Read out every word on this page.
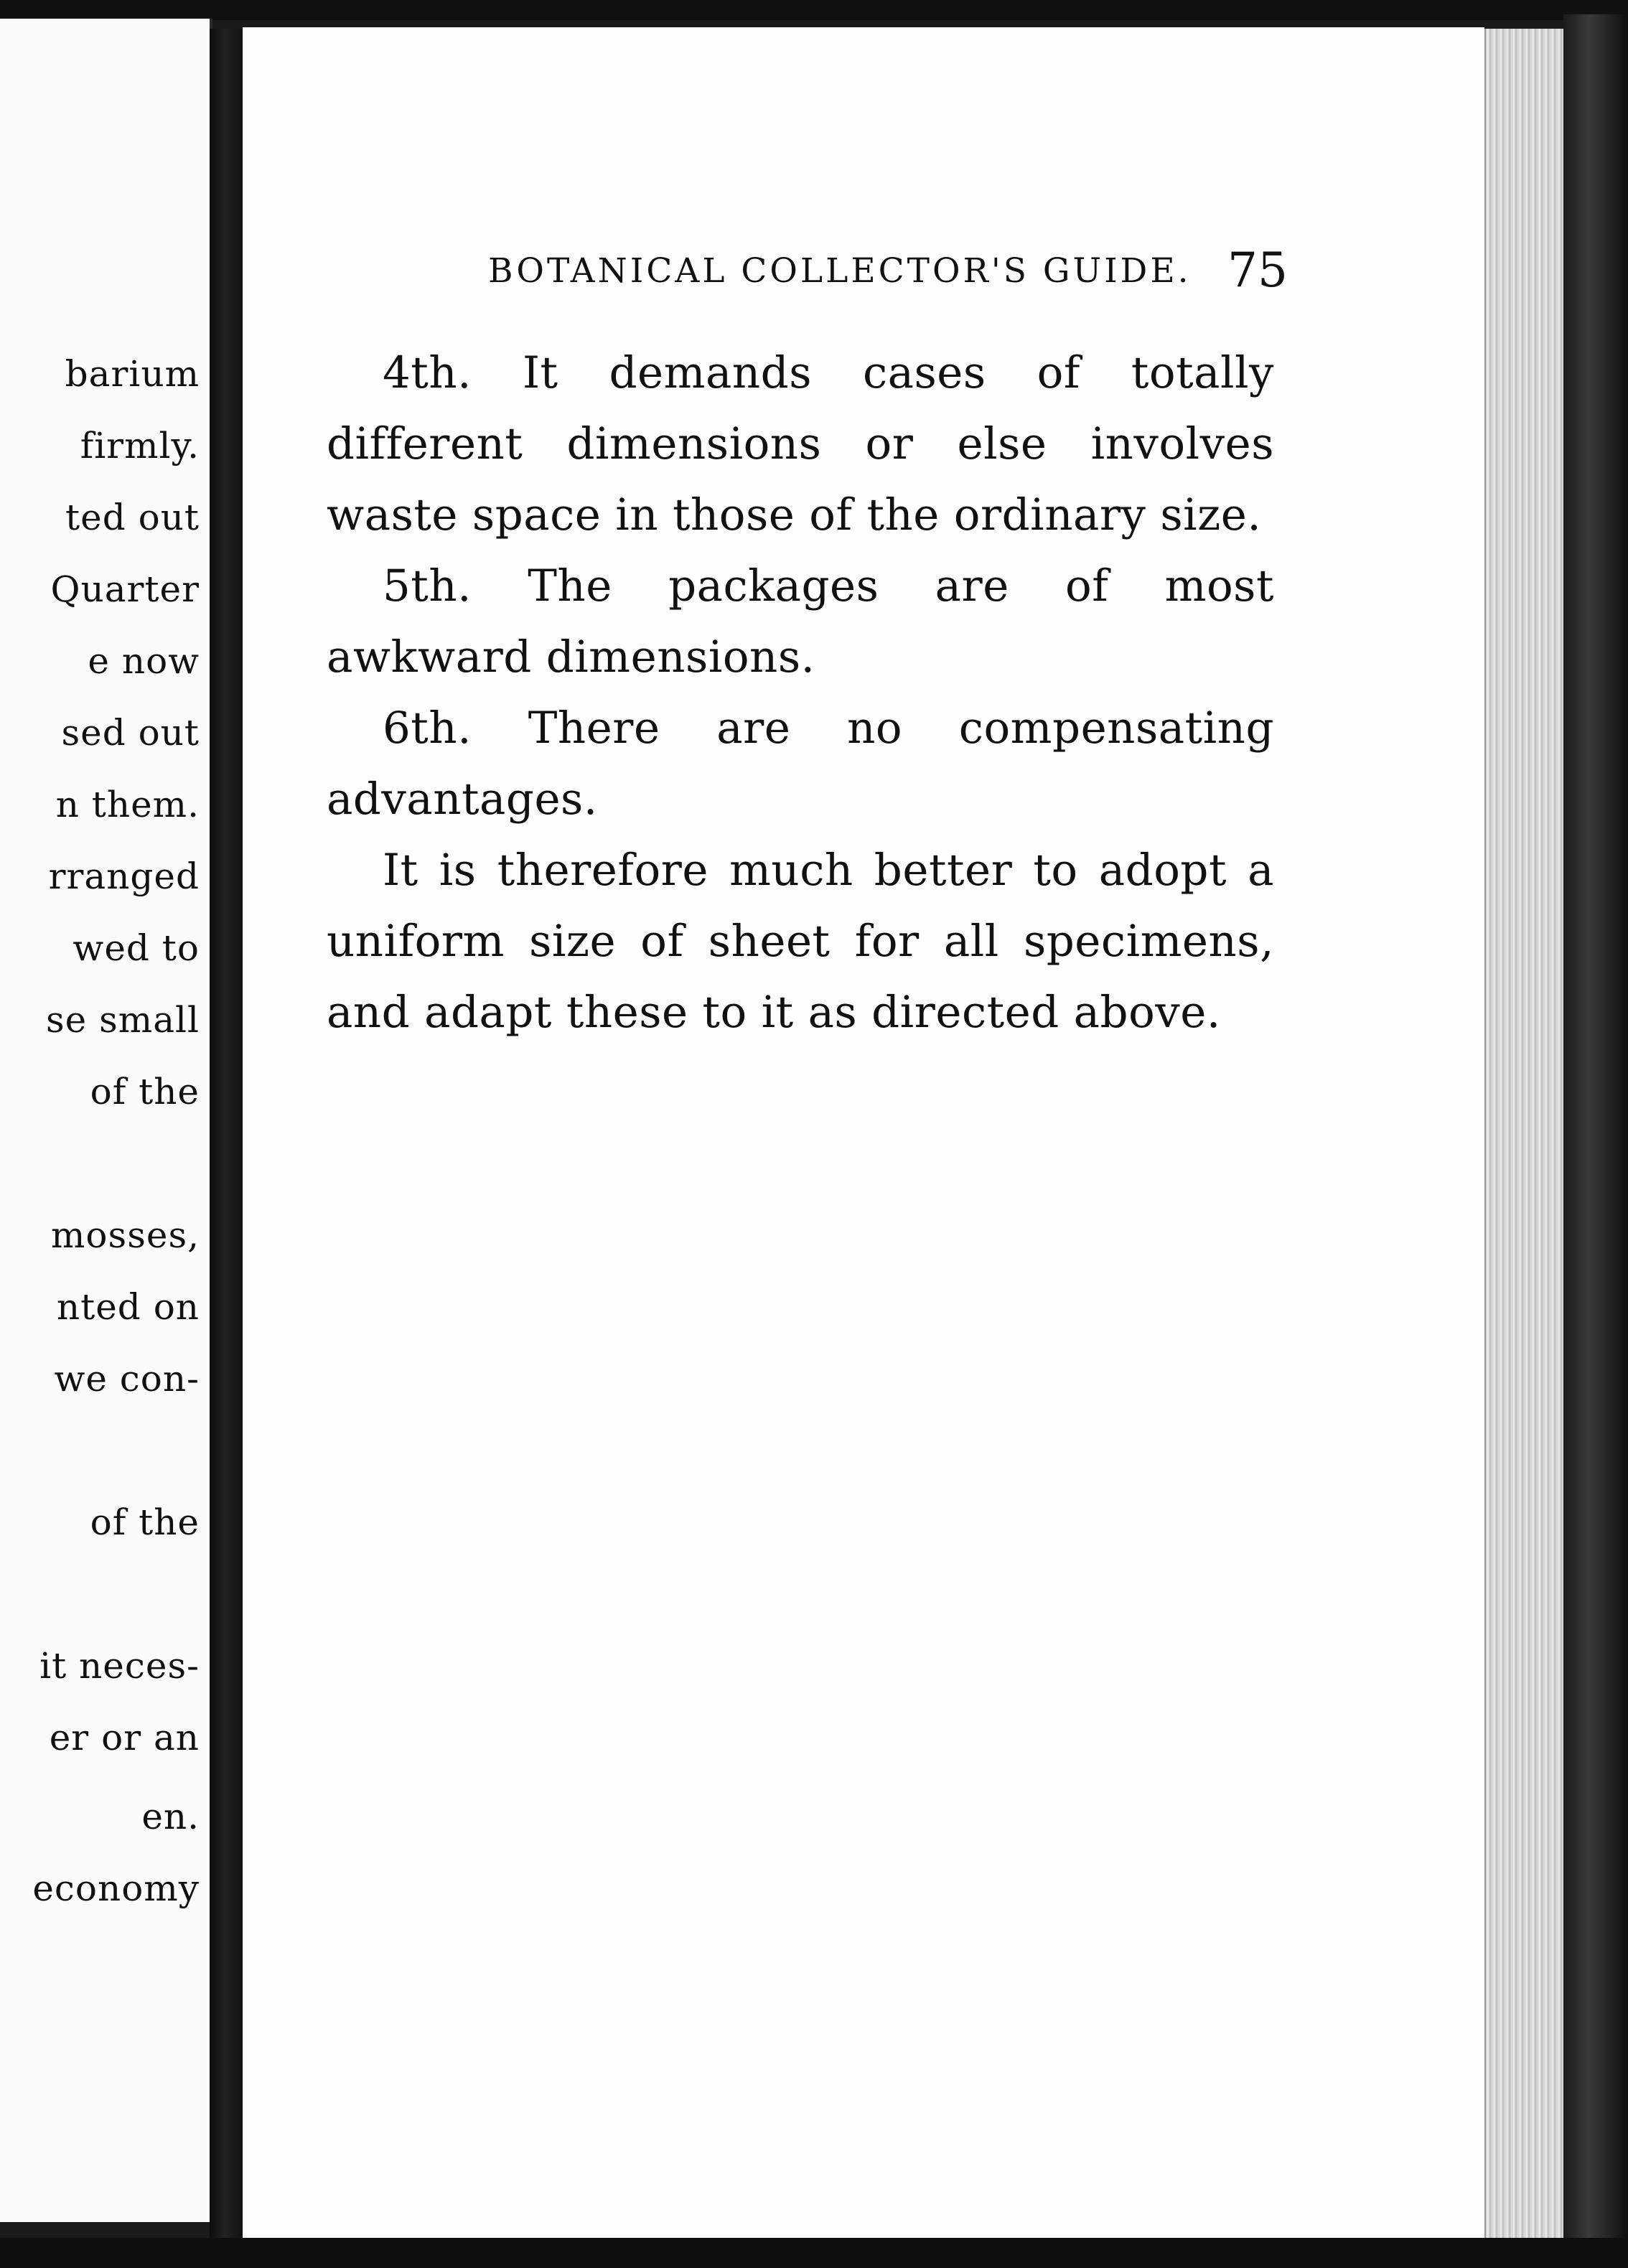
barium
firmly.
ted out
Quarter
e now
sed out
n them.
rranged
wed to
se small
of the
mosses,
nted on
we con-
of the
it neces-
er or an
en.
economy
BOTANICAL COLLECTOR'S GUIDE. 75

4th. It demands cases of totally different dimensions or else involves waste space in those of the ordinary size.

5th. The packages are of most awkward dimensions.

6th. There are no compensating advantages.

It is therefore much better to adopt a uniform size of sheet for all specimens, and adapt these to it as directed above.
